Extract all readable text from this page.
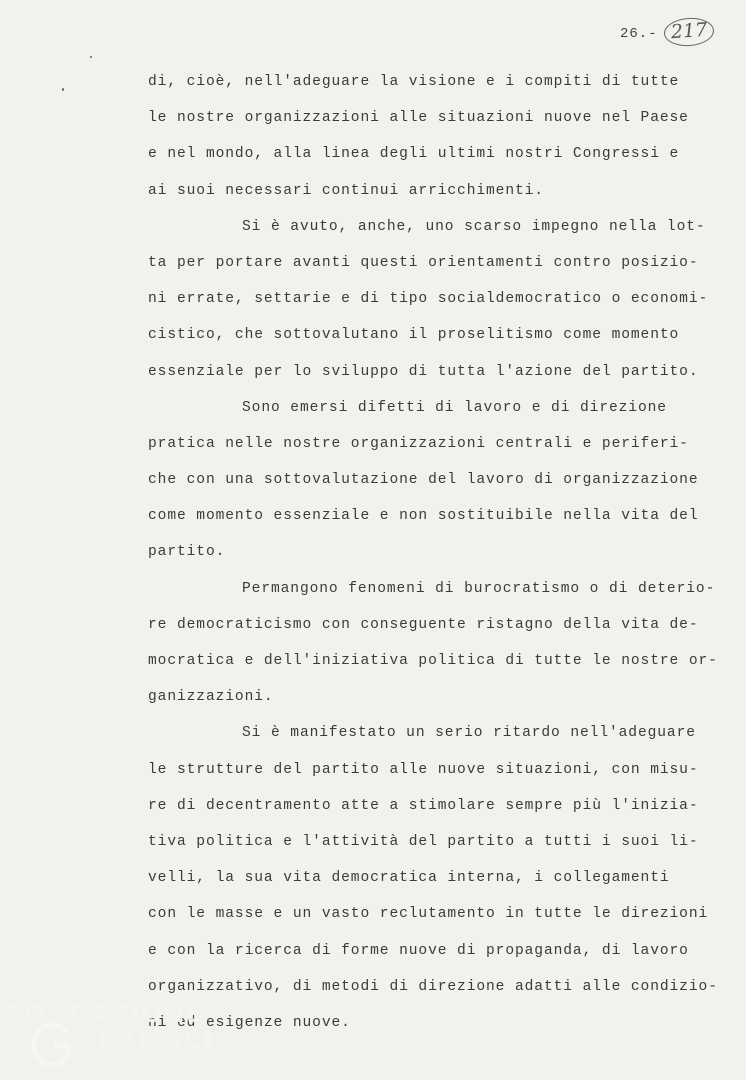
26.- 217
di, cioè, nell'adeguare la visione e i compiti di tutte
le nostre organizzazioni alle situazioni nuove nel Paese
e nel mondo, alla linea degli ultimi nostri Congressi e
ai suoi necessari continui arricchimenti.
Si è avuto, anche, uno scarso impegno nella lot-
ta per portare avanti questi orientamenti contro posizio-
ni errate, settarie e di tipo socialdemocratico o economi-
cistico, che sottovalutano il proselitismo come momento
essenziale per lo sviluppo di tutta l'azione del partito.
Sono emersi difetti di lavoro e di direzione
pratica nelle nostre organizzazioni centrali e periferi-
che con una sottovalutazione del lavoro di organizzazione
come momento essenziale e non sostituibile nella vita del
partito.
Permangono fenomeni di burocratismo o di deterio-
re democraticismo con conseguente ristagno della vita de-
mocratica e dell'iniziativa politica di tutte le nostre or-
ganizzazioni.
Si è manifestato un serio ritardo nell'adeguare
le strutture del partito alle nuove situazioni, con misu-
re di decentramento atte a stimolare sempre più l'inizia-
tiva politica e l'attività del partito a tutti i suoi li-
velli, la sua vita democratica interna, i collegamenti
con le masse e un vasto reclutamento in tutte le direzioni
e con la ricerca di forme nuove di propaganda, di lavoro
organizzativo, di metodi di direzione adatti alle condizio-
ni ed esigenze nuove.
FONDAZIONE
GRAMSCI
